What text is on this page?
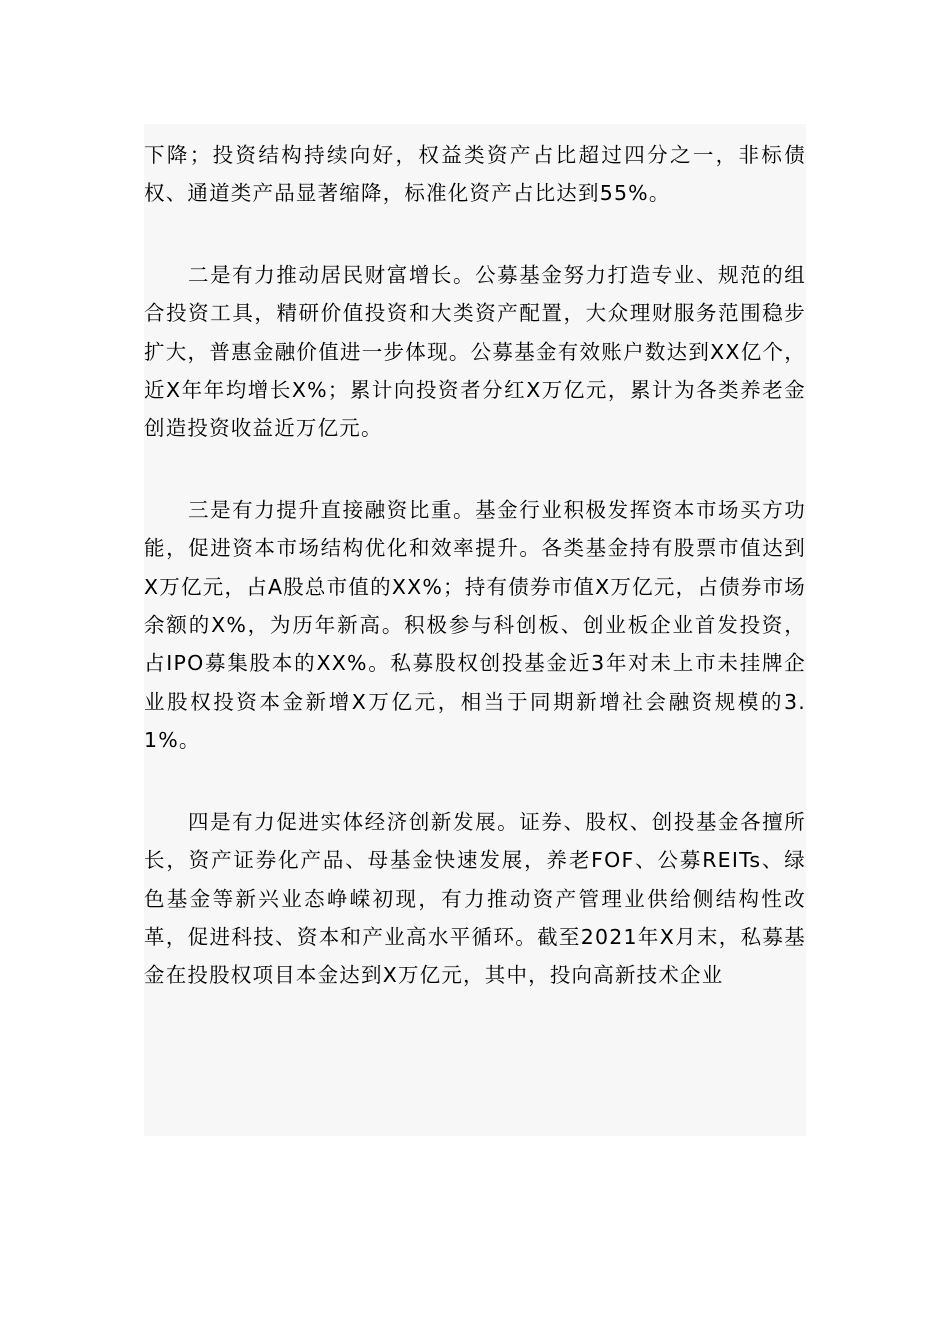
下降；投资结构持续向好，权益类资产占比超过四分之一，非标债权、通道类产品显著缩降，标准化资产占比达到55%。

二是有力推动居民财富增长。公募基金努力打造专业、规范的组合投资工具，精研价值投资和大类资产配置，大众理财服务范围稳步扩大，普惠金融价值进一步体现。公募基金有效账户数达到XX亿个，近X年年均增长X%；累计向投资者分红X万亿元，累计为各类养老金创造投资收益近万亿元。

三是有力提升直接融资比重。基金行业积极发挥资本市场买方功能，促进资本市场结构优化和效率提升。各类基金持有股票市值达到X万亿元，占A股总市值的XX%；持有债券市值X万亿元，占债券市场余额的X%，为历年新高。积极参与科创板、创业板企业首发投资，占IPO募集股本的XX%。私募股权创投基金近3年对未上市未挂牌企业股权投资本金新增X万亿元，相当于同期新增社会融资规模的3.1%。

四是有力促进实体经济创新发展。证券、股权、创投基金各擅所长，资产证券化产品、母基金快速发展，养老FOF、公募REITs、绿色基金等新兴业态峥嵘初现，有力推动资产管理业供给侧结构性改革，促进科技、资本和产业高水平循环。截至2021年X月末，私募基金在投股权项目本金达到X万亿元，其中，投向高新技术企业
